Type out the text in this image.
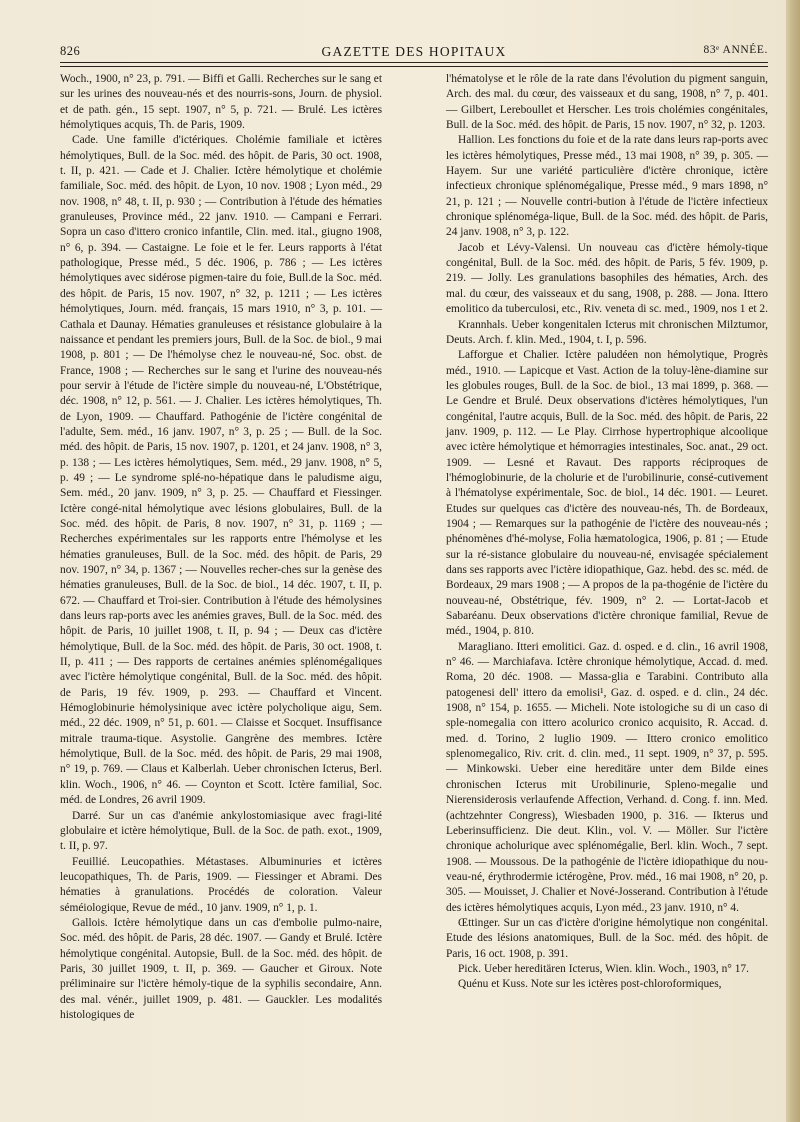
826	GAZETTE DES HOPITAUX	83ᵉ ANNÉE.

Woch., 1900, n° 23, p. 791. — Biffi et Galli. Recherches sur le sang et sur les urines des nouveau-nés et des nourris-sons, Journ. de physiol. et de path. gén., 15 sept. 1907, n° 5, p. 721. — Brulé. Les ictères hémolytiques acquis, Th. de Paris, 1909.

Cade. Une famille d'ictériques. Cholémie familiale et ictères hémolytiques, Bull. de la Soc. méd. des hôpit. de Paris, 30 oct. 1908, t. II, p. 421. — Cade et J. Chalier. Ictère hémolytique et cholémie familiale, Soc. méd. des hôpit. de Lyon, 10 nov. 1908 ; Lyon méd., 29 nov. 1908, n° 48, t. II, p. 930 ; — Contribution à l'étude des hématies granuleuses, Province méd., 22 janv. 1910. — Campani e Ferrari. Sopra un caso d'ittero cronico infantile, Clin. med. ital., giugno 1908, n° 6, p. 394. — Castaigne. Le foie et le fer. Leurs rapports à l'état pathologique, Presse méd., 5 déc. 1906, p. 786 ; — Les ictères hémolytiques avec sidérose pigmen-taire du foie, Bull.de la Soc. méd. des hôpit. de Paris, 15 nov. 1907, n° 32, p. 1211 ; — Les ictères hémolytiques, Journ. méd. français, 15 mars 1910, n° 3, p. 101. — Cathala et Daunay. Hématies granuleuses et résistance globulaire à la naissance et pendant les premiers jours, Bull. de la Soc. de biol., 9 mai 1908, p. 801 ; — De l'hémolyse chez le nouveau-né, Soc. obst. de France, 1908 ; — Recherches sur le sang et l'urine des nouveau-nés pour servir à l'étude de l'ictère simple du nouveau-né, L'Obstétrique, déc. 1908, n° 12, p. 561. — J. Chalier. Les ictères hémolytiques, Th. de Lyon, 1909. — Chauffard. Pathogénie de l'ictère congénital de l'adulte, Sem. méd., 16 janv. 1907, n° 3, p. 25 ; — Bull. de la Soc. méd. des hôpit. de Paris, 15 nov. 1907, p. 1201, et 24 janv. 1908, n° 3, p. 138 ; — Les ictères hémolytiques, Sem. méd., 29 janv. 1908, n° 5, p. 49 ; — Le syndrome splé-no-hépatique dans le paludisme aigu, Sem. méd., 20 janv. 1909, n° 3, p. 25. — Chauffard et Fiessinger. Ictère congé-nital hémolytique avec lésions globulaires, Bull. de la Soc. méd. des hôpit. de Paris, 8 nov. 1907, n° 31, p. 1169 ; — Recherches expérimentales sur les rapports entre l'hémolyse et les hématies granuleuses, Bull. de la Soc. méd. des hôpit. de Paris, 29 nov. 1907, n° 34, p. 1367 ; — Nouvelles recher-ches sur la genèse des hématies granuleuses, Bull. de la Soc. de biol., 14 déc. 1907, t. II, p. 672. — Chauffard et Troi-sier. Contribution à l'étude des hémolysines dans leurs rap-ports avec les anémies graves, Bull. de la Soc. méd. des hôpit. de Paris, 10 juillet 1908, t. II, p. 94 ; — Deux cas d'ictère hémolytique, Bull. de la Soc. méd. des hôpit. de Paris, 30 oct. 1908, t. II, p. 411 ; — Des rapports de certaines anémies splénomégaliques avec l'ictère hémolytique congénital, Bull. de la Soc. méd. des hôpit. de Paris, 19 fév. 1909, p. 293. — Chauffard et Vincent. Hémoglobinurie hémolysinique avec ictère polycholique aigu, Sem. méd., 22 déc. 1909, n° 51, p. 601. — Claisse et Socquet. Insuffisance mitrale trauma-tique. Asystolie. Gangrène des membres. Ictère hémolytique, Bull. de la Soc. méd. des hôpit. de Paris, 29 mai 1908, n° 19, p. 769. — Claus et Kalberlah. Ueber chronischen Icterus, Berl. klin. Woch., 1906, n° 46. — Coynton et Scott. Ictère familial, Soc. méd. de Londres, 26 avril 1909.

Darré. Sur un cas d'anémie ankylostomiasique avec fragi-lité globulaire et ictère hémolytique, Bull. de la Soc. de path. exot., 1909, t. II, p. 97.

Feuillié. Leucopathies. Métastases. Albuminuries et ictères leucopathiques, Th. de Paris, 1909. — Fiessinger et Abrami. Des hématies à granulations. Procédés de coloration. Valeur séméiologique, Revue de méd., 10 janv. 1909, n° 1, p. 1.

Gallois. Ictère hémolytique dans un cas d'embolie pulmo-naire, Soc. méd. des hôpit. de Paris, 28 déc. 1907. — Gandy et Brulé. Ictère hémolytique congénital. Autopsie, Bull. de la Soc. méd. des hôpit. de Paris, 30 juillet 1909, t. II, p. 369. — Gaucher et Giroux. Note préliminaire sur l'ictère hémoly-tique de la syphilis secondaire, Ann. des mal. vénér., juillet 1909, p. 481. — Gauckler. Les modalités histologiques de

l'hématolyse et le rôle de la rate dans l'évolution du pigment sanguin, Arch. des mal. du cœur, des vaisseaux et du sang, 1908, n° 7, p. 401. — Gilbert, Lereboullet et Herscher. Les trois cholémies congénitales, Bull. de la Soc. méd. des hôpit. de Paris, 15 nov. 1907, n° 32, p. 1203.

Hallion. Les fonctions du foie et de la rate dans leurs rap-ports avec les ictères hémolytiques, Presse méd., 13 mai 1908, n° 39, p. 305. — Hayem. Sur une variété particulière d'ictère chronique, ictère infectieux chronique splénomégalique, Presse méd., 9 mars 1898, n° 21, p. 121 ; — Nouvelle contri-bution à l'étude de l'ictère infectieux chronique splénoméga-lique, Bull. de la Soc. méd. des hôpit. de Paris, 24 janv. 1908, n° 3, p. 122.

Jacob et Lévy-Valensi. Un nouveau cas d'ictère hémoly-tique congénital, Bull. de la Soc. méd. des hôpit. de Paris, 5 fév. 1909, p. 219. — Jolly. Les granulations basophiles des hématies, Arch. des mal. du cœur, des vaisseaux et du sang, 1908, p. 288. — Jona. Ittero emolitico da tuberculosi, etc., Riv. veneta di sc. med., 1909, nos 1 et 2.

Krannhals. Ueber kongenitalen Icterus mit chronischen Milztumor, Deuts. Arch. f. klin. Med., 1904, t. I, p. 596.

Lafforgue et Chalier. Ictère paludéen non hémolytique, Progrès méd., 1910. — Lapicque et Vast. Action de la toluy-lène-diamine sur les globules rouges, Bull. de la Soc. de biol., 13 mai 1899, p. 368. — Le Gendre et Brulé. Deux observations d'ictères hémolytiques, l'un congénital, l'autre acquis, Bull. de la Soc. méd. des hôpit. de Paris, 22 janv. 1909, p. 112. — Le Play. Cirrhose hypertrophique alcoolique avec ictère hémolytique et hémorragies intestinales, Soc. anat., 29 oct. 1909. — Lesné et Ravaut. Des rapports réciproques de l'hémoglobinurie, de la cholurie et de l'urobilinurie, consé-cutivement à l'hématolyse expérimentale, Soc. de biol., 14 déc. 1901. — Leuret. Etudes sur quelques cas d'ictère des nouveau-nés, Th. de Bordeaux, 1904 ; — Remarques sur la pathogénie de l'ictère des nouveau-nés ; phénomènes d'hé-molyse, Folia hæmatologica, 1906, p. 81 ; — Etude sur la ré-sistance globulaire du nouveau-né, envisagée spécialement dans ses rapports avec l'ictère idiopathique, Gaz. hebd. des sc. méd. de Bordeaux, 29 mars 1908 ; — A propos de la pa-thogénie de l'ictère du nouveau-né, Obstétrique, fév. 1909, n° 2. — Lortat-Jacob et Sabaréanu. Deux observations d'ictère chronique familial, Revue de méd., 1904, p. 810.

Maragliano. Itteri emolitici. Gaz. d. osped. e d. clin., 16 avril 1908, n° 46. — Marchiafava. Ictère chronique hémolytique, Accad. d. med. Roma, 20 déc. 1908. — Massa-glia e Tarabini. Contributo alla patogenesi dell' ittero da emolisi¹, Gaz. d. osped. e d. clin., 24 déc. 1908, n° 154, p. 1655. — Micheli. Note istologiche su di un caso di sple-nomegalia con ittero acolurico cronico acquisito, R. Accad. d. med. d. Torino, 2 luglio 1909. — Ittero cronico emolitico splenomegalico, Riv. crit. d. clin. med., 11 sept. 1909, n° 37, p. 595. — Minkowski. Ueber eine hereditäre unter dem Bilde eines chronischen Icterus mit Urobilinurie, Spleno-megalie und Nierensiderosis verlaufende Affection, Verhand. d. Cong. f. inn. Med. (achtzehnter Congress), Wiesbaden 1900, p. 316. — Ikterus und Leberinsufficienz. Die deut. Klin., vol. V. — Möller. Sur l'ictère chronique acholurique avec splénomégalie, Berl. klin. Woch., 7 sept. 1908. — Moussous. De la pathogénie de l'ictère idiopathique du nou-veau-né, érythrodermie ictérogène, Prov. méd., 16 mai 1908, n° 20, p. 305. — Mouisset, J. Chalier et Nové-Josserand. Contribution à l'étude des ictères hémolytiques acquis, Lyon méd., 23 janv. 1910, n° 4.

Œttinger. Sur un cas d'ictère d'origine hémolytique non congénital. Etude des lésions anatomiques, Bull. de la Soc. méd. des hôpit. de Paris, 16 oct. 1908, p. 391.

Pick. Ueber hereditären Icterus, Wien. klin. Woch., 1903, n° 17.

Quénu et Kuss. Note sur les ictères post-chloroformiques,
